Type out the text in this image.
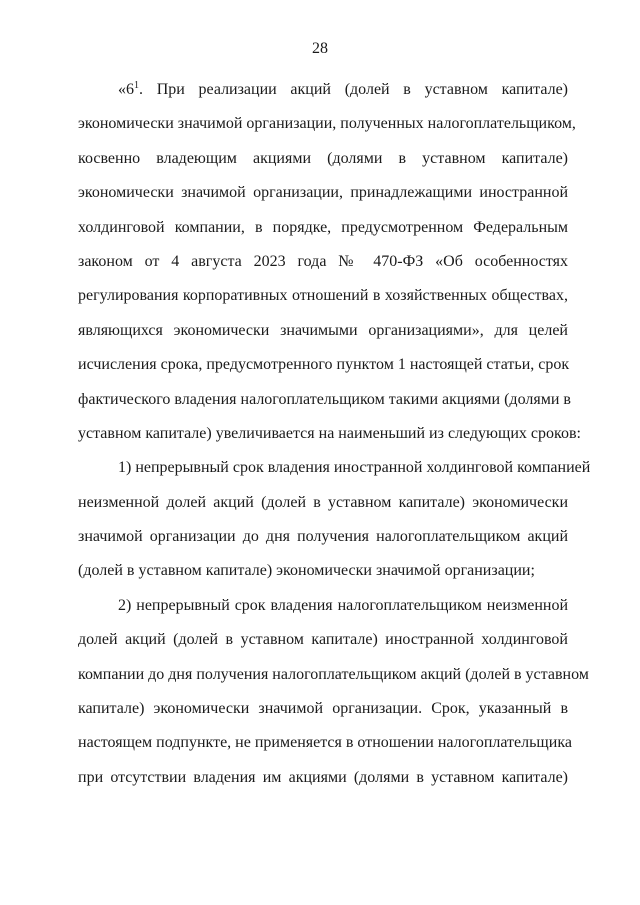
28
«$6^1$. При реализации акций (долей в уставном капитале)
экономически значимой организации, полученных налогоплательщиком,
косвенно владеющим акциями (долями в уставном капитале)
экономически значимой организации, принадлежащими иностранной
холдинговой компании, в порядке, предусмотренном Федеральным
законом от 4 августа 2023 года № 470-ФЗ «Об особенностях
регулирования корпоративных отношений в хозяйственных обществах,
являющихся экономически значимыми организациями», для целей
исчисления срока, предусмотренного пунктом 1 настоящей статьи, срок
фактического владения налогоплательщиком такими акциями (долями в
уставном капитале) увеличивается на наименьший из следующих сроков:
1) непрерывный срок владения иностранной холдинговой компанией
неизменной долей акций (долей в уставном капитале) экономически
значимой организации до дня получения налогоплательщиком акций
(долей в уставном капитале) экономически значимой организации;
2) непрерывный срок владения налогоплательщиком неизменной
долей акций (долей в уставном капитале) иностранной холдинговой
компании до дня получения налогоплательщиком акций (долей в уставном
капитале) экономически значимой организации. Срок, указанный в
настоящем подпункте, не применяется в отношении налогоплательщика
при отсутствии владения им акциями (долями в уставном капитале)
